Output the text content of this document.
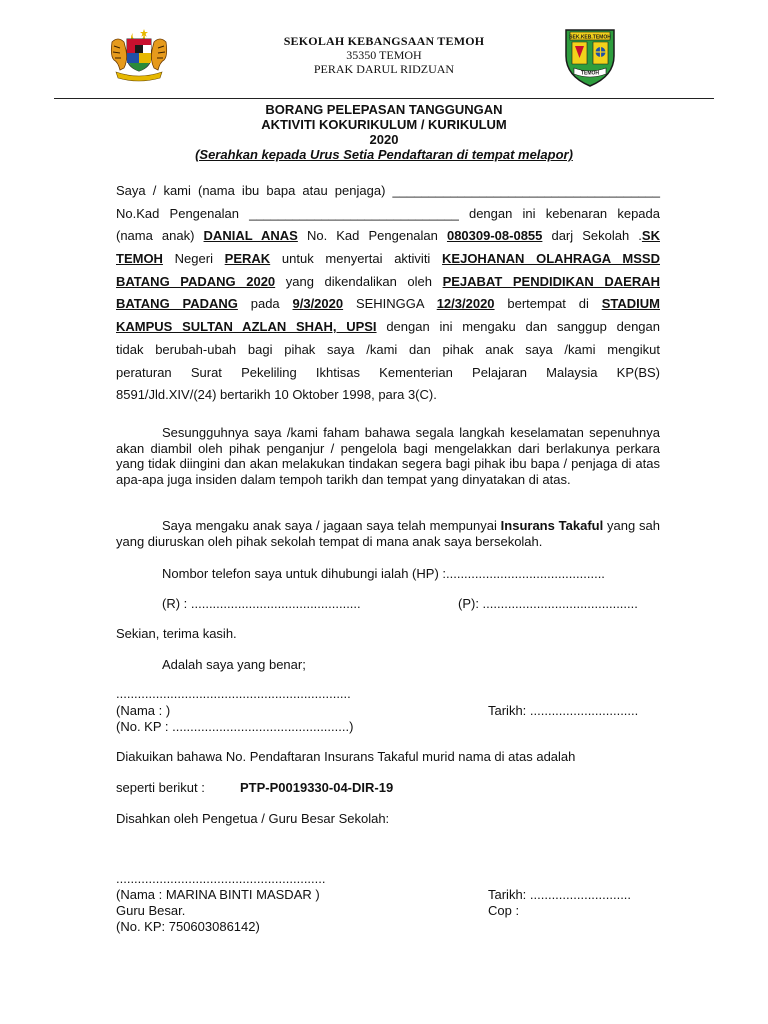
SEKOLAH KEBANGSAAN TEMOH
35350 TEMOH
PERAK DARUL RIDZUAN
SEK.KEB.TEMOH
TEMOH
BORANG PELEPASAN TANGGUNGAN
AKTIVITI KOKURIKULUM / KURIKULUM
2020
(Serahkan kepada Urus Setia Pendaftaran di tempat melapor)
Saya / kami (nama ibu bapa atau penjaga) _____________________________________
No.Kad Pengenalan _____________________________ dengan ini kebenaran kepada
(nama anak) DANIAL ANAS No. Kad Pengenalan 080309-08-0855 darj Sekolah .SK
TEMOH Negeri PERAK untuk menyertai aktiviti KEJOHANAN OLAHRAGA MSSD
BATANG PADANG 2020 yang dikendalikan oleh PEJABAT PENDIDIKAN DAERAH
BATANG PADANG pada 9/3/2020 SEHINGGA 12/3/2020 bertempat di STADIUM
KAMPUS SULTAN AZLAN SHAH, UPSI dengan ini mengaku dan sanggup dengan
tidak berubah-ubah bagi pihak saya /kami dan pihak anak saya /kami mengikut
peraturan Surat Pekeliling Ikhtisas Kementerian Pelajaran Malaysia KP(BS)
8591/Jld.XIV/(24) bertarikh 10 Oktober 1998, para 3(C).
Sesungguhnya saya /kami faham bahawa segala langkah keselamatan sepenuhnya akan diambil oleh pihak penganjur / pengelola bagi mengelakkan dari berlakunya perkara yang tidak diingini dan akan melakukan tindakan segera bagi pihak ibu bapa / penjaga di atas apa-apa juga insiden dalam tempoh tarikh dan tempat yang dinyatakan di atas.
Saya mengaku anak saya / jagaan saya telah mempunyai Insurans Takaful yang sah yang diuruskan oleh pihak sekolah tempat di mana anak saya bersekolah.
Nombor telefon saya untuk dihubungi ialah (HP) :............................................
(R) : ...............................................	(P): ...........................................
Sekian, terima kasih.
Adalah saya yang benar;
.................................................................
(Nama : )
(No. KP : .................................................)
Tarikh: ..............................
Diakuikan bahawa No. Pendaftaran Insurans Takaful murid nama di atas adalah
seperti berikut :	PTP-P0019330-04-DIR-19
Disahkan oleh Pengetua / Guru Besar Sekolah:
..........................................................
(Nama : MARINA BINTI MASDAR )
Guru Besar.
(No. KP: 750603086142)
Tarikh: ............................
Cop :
